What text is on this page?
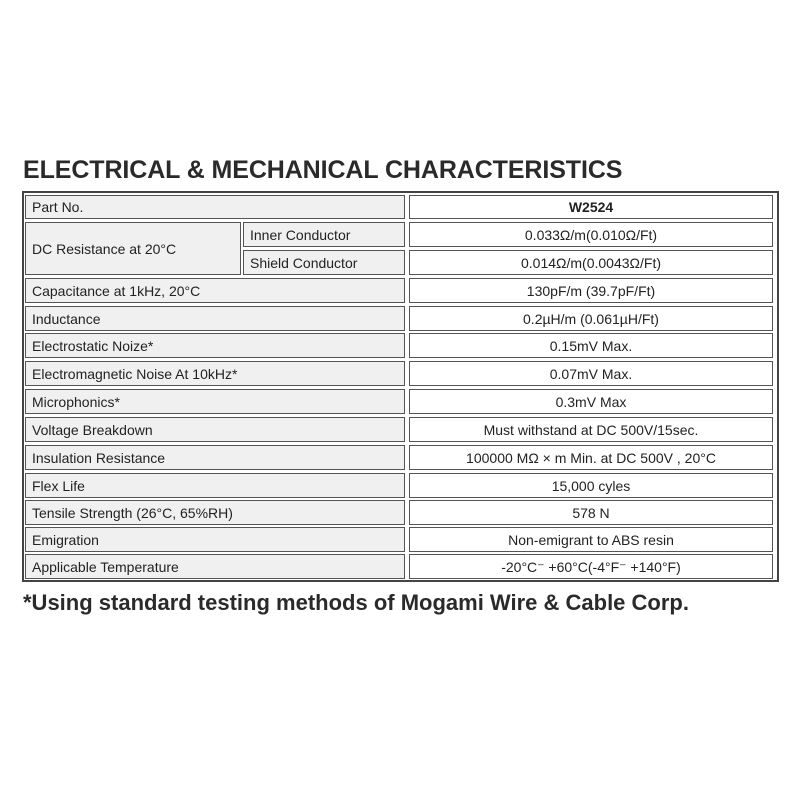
ELECTRICAL & MECHANICAL CHARACTERISTICS
Part No.	W2524
DC Resistance at 20°C
Inner Conductor	0.033Ω/m(0.010Ω/Ft)
Shield Conductor	0.014Ω/m(0.0043Ω/Ft)
Capacitance at 1kHz, 20°C	130pF/m (39.7pF/Ft)
Inductance	0.2µH/m (0.061µH/Ft)
Electrostatic Noize*	0.15mV Max.
Electromagnetic Noise At 10kHz*	0.07mV Max.
Microphonics*	0.3mV Max
Voltage Breakdown	Must withstand at DC 500V/15sec.
Insulation Resistance	100000 MΩ × m Min. at DC 500V , 20°C
Flex Life	15,000 cyles
Tensile Strength (26°C, 65%RH)	578 N
Emigration	Non-emigrant to ABS resin
Applicable Temperature	-20°C⁻ +60°C(-4°F⁻ +140°F)
*Using standard testing methods of Mogami Wire & Cable Corp.
